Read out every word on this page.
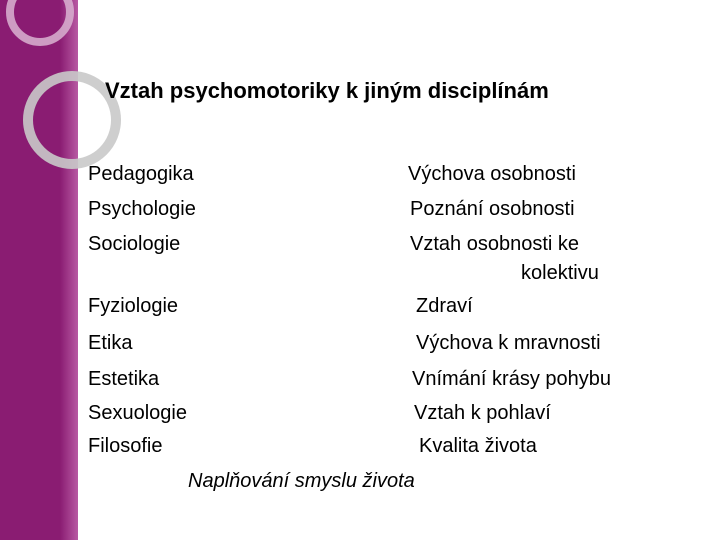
Vztah psychomotoriky k jiným disciplínám
Pedagogika	Výchova osobnosti
Psychologie	Poznání osobnosti
Sociologie	Vztah osobnosti ke
kolektivu
Fyziologie	Zdraví
Etika	Výchova k mravnosti
Estetika	Vnímání krásy pohybu
Sexuologie	Vztah k pohlaví
Filosofie	Kvalita života
Naplňování smyslu života
